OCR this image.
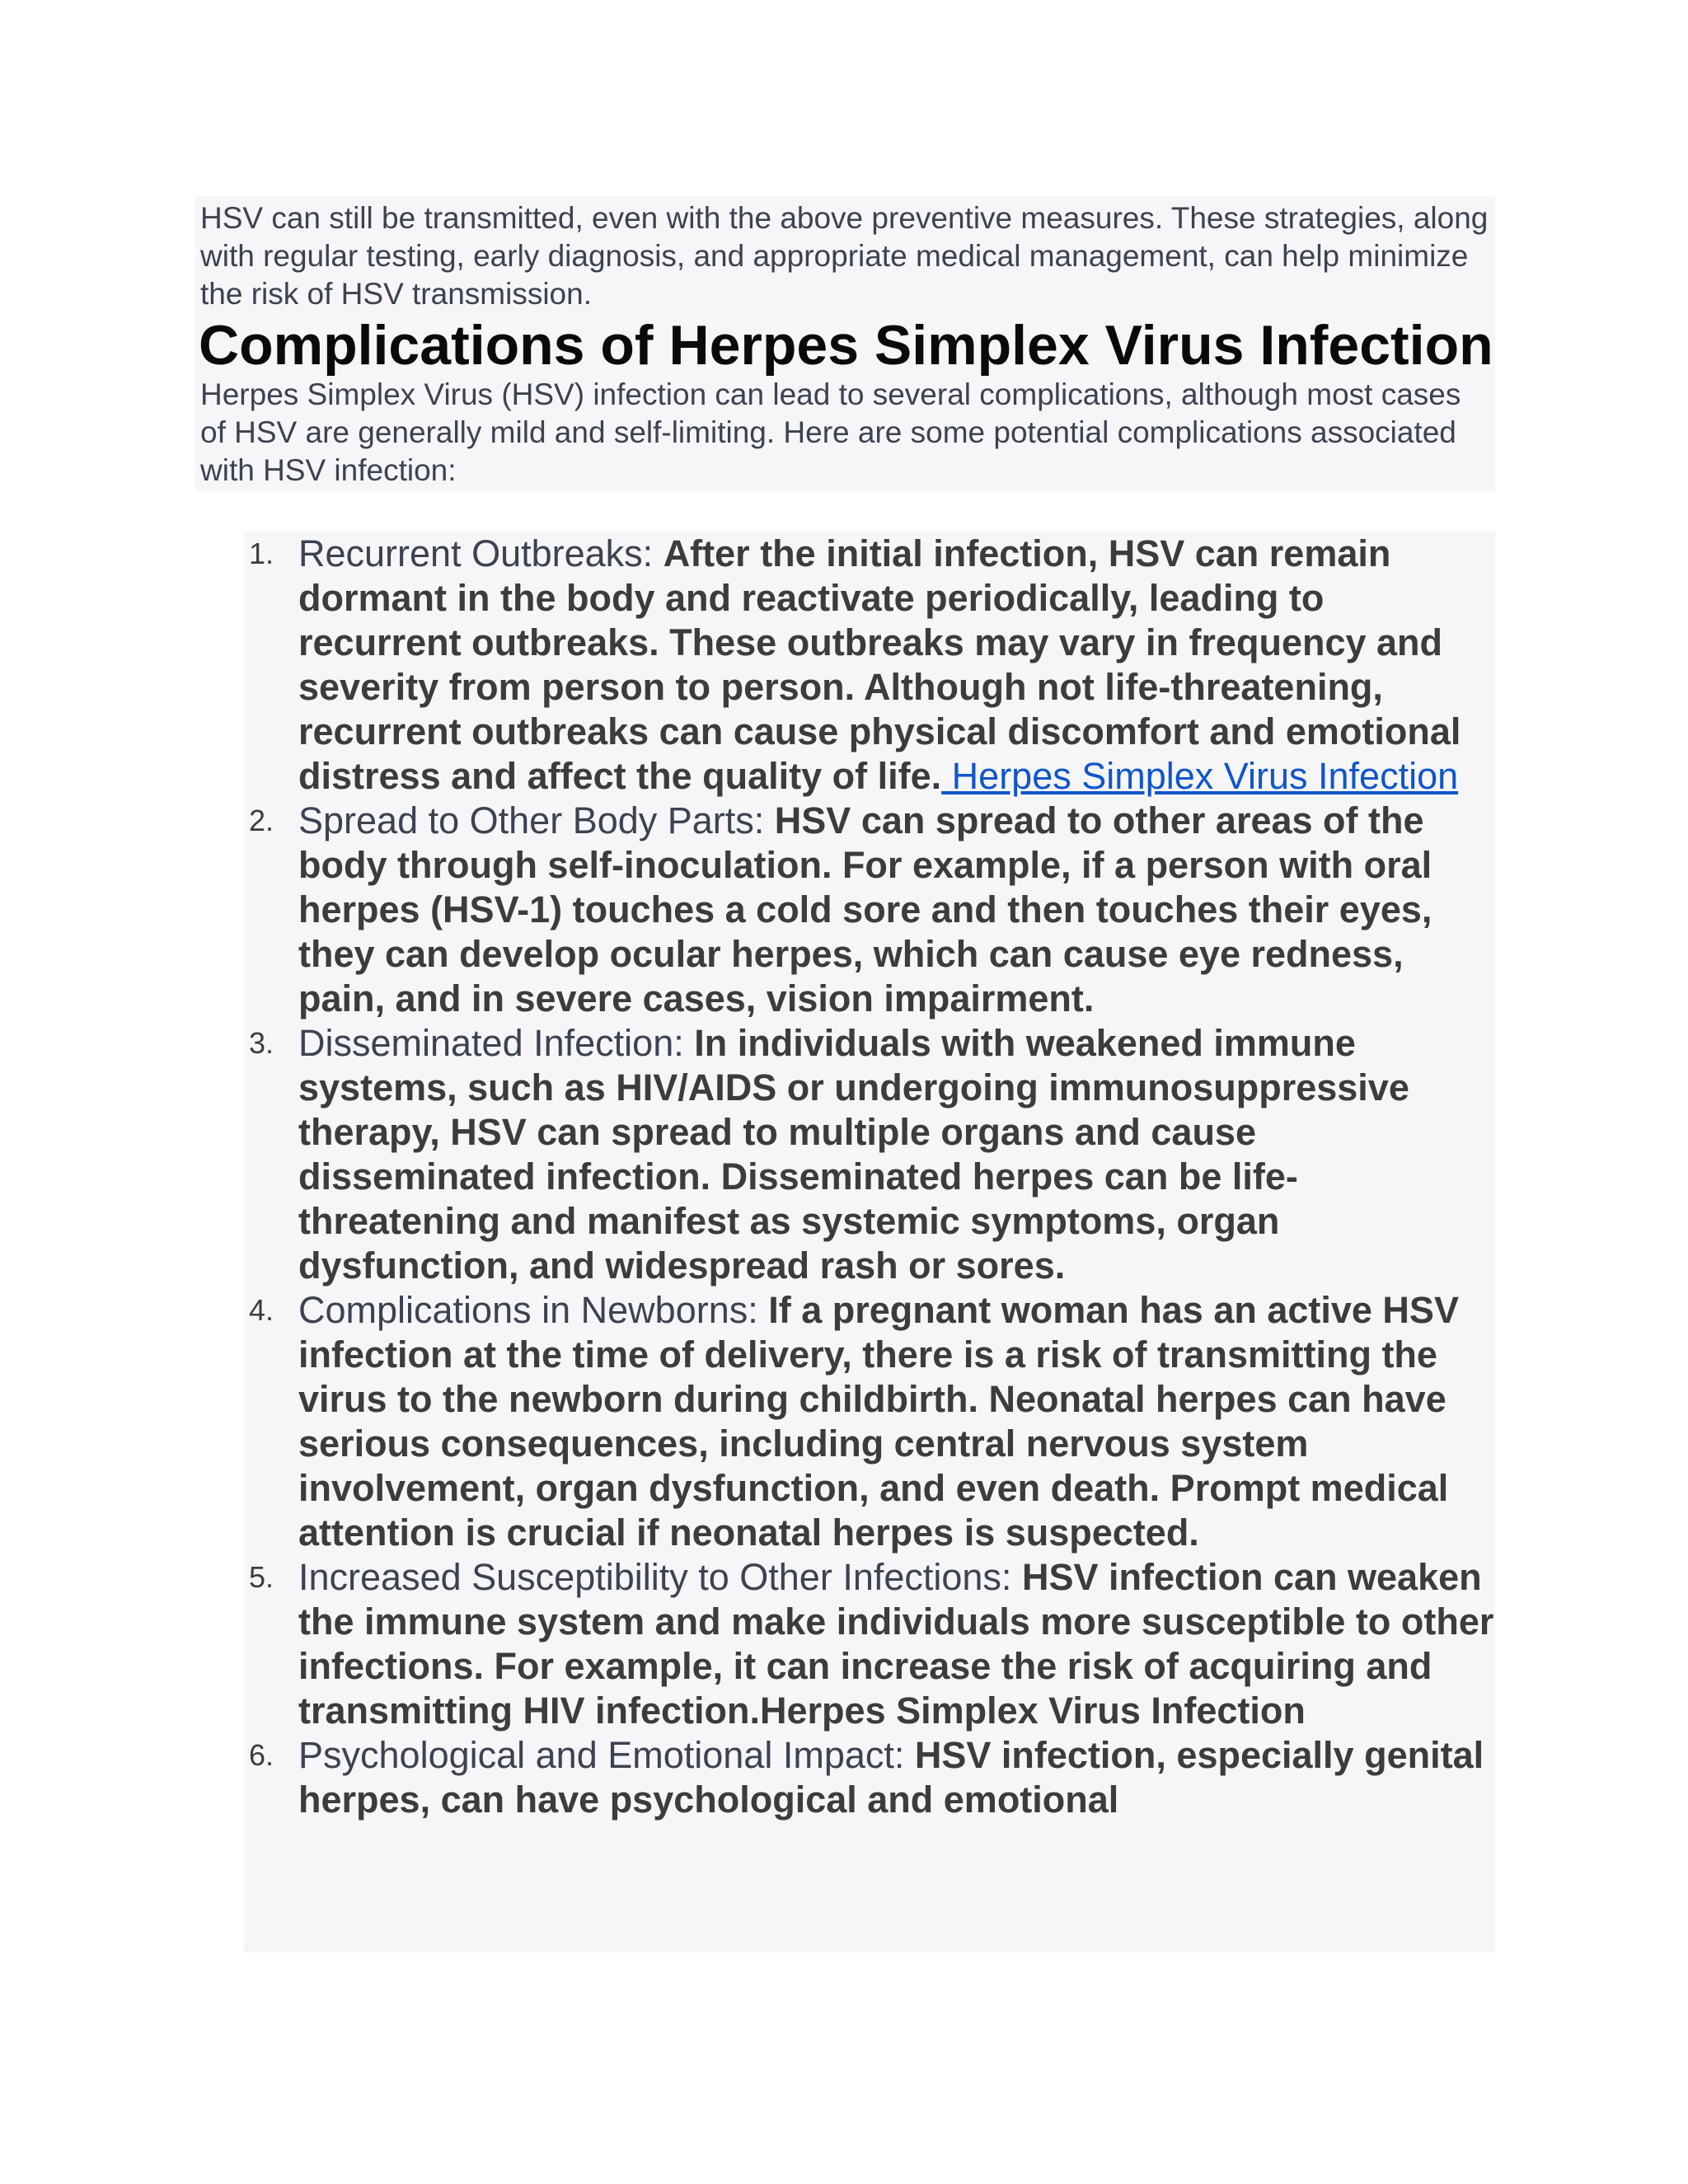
HSV can still be transmitted, even with the above preventive measures. These strategies, along with regular testing, early diagnosis, and appropriate medical management, can help minimize the risk of HSV transmission.

Complications of Herpes Simplex Virus Infection

Herpes Simplex Virus (HSV) infection can lead to several complications, although most cases of HSV are generally mild and self-limiting. Here are some potential complications associated with HSV infection:

1. Recurrent Outbreaks: After the initial infection, HSV can remain dormant in the body and reactivate periodically, leading to recurrent outbreaks. These outbreaks may vary in frequency and severity from person to person. Although not life-threatening, recurrent outbreaks can cause physical discomfort and emotional distress and affect the quality of life. Herpes Simplex Virus Infection
2. Spread to Other Body Parts: HSV can spread to other areas of the body through self-inoculation. For example, if a person with oral herpes (HSV-1) touches a cold sore and then touches their eyes, they can develop ocular herpes, which can cause eye redness, pain, and in severe cases, vision impairment.
3. Disseminated Infection: In individuals with weakened immune systems, such as HIV/AIDS or undergoing immunosuppressive therapy, HSV can spread to multiple organs and cause disseminated infection. Disseminated herpes can be life-threatening and manifest as systemic symptoms, organ dysfunction, and widespread rash or sores.
4. Complications in Newborns: If a pregnant woman has an active HSV infection at the time of delivery, there is a risk of transmitting the virus to the newborn during childbirth. Neonatal herpes can have serious consequences, including central nervous system involvement, organ dysfunction, and even death. Prompt medical attention is crucial if neonatal herpes is suspected.
5. Increased Susceptibility to Other Infections: HSV infection can weaken the immune system and make individuals more susceptible to other infections. For example, it can increase the risk of acquiring and transmitting HIV infection.Herpes Simplex Virus Infection
6. Psychological and Emotional Impact: HSV infection, especially genital herpes, can have psychological and emotional
